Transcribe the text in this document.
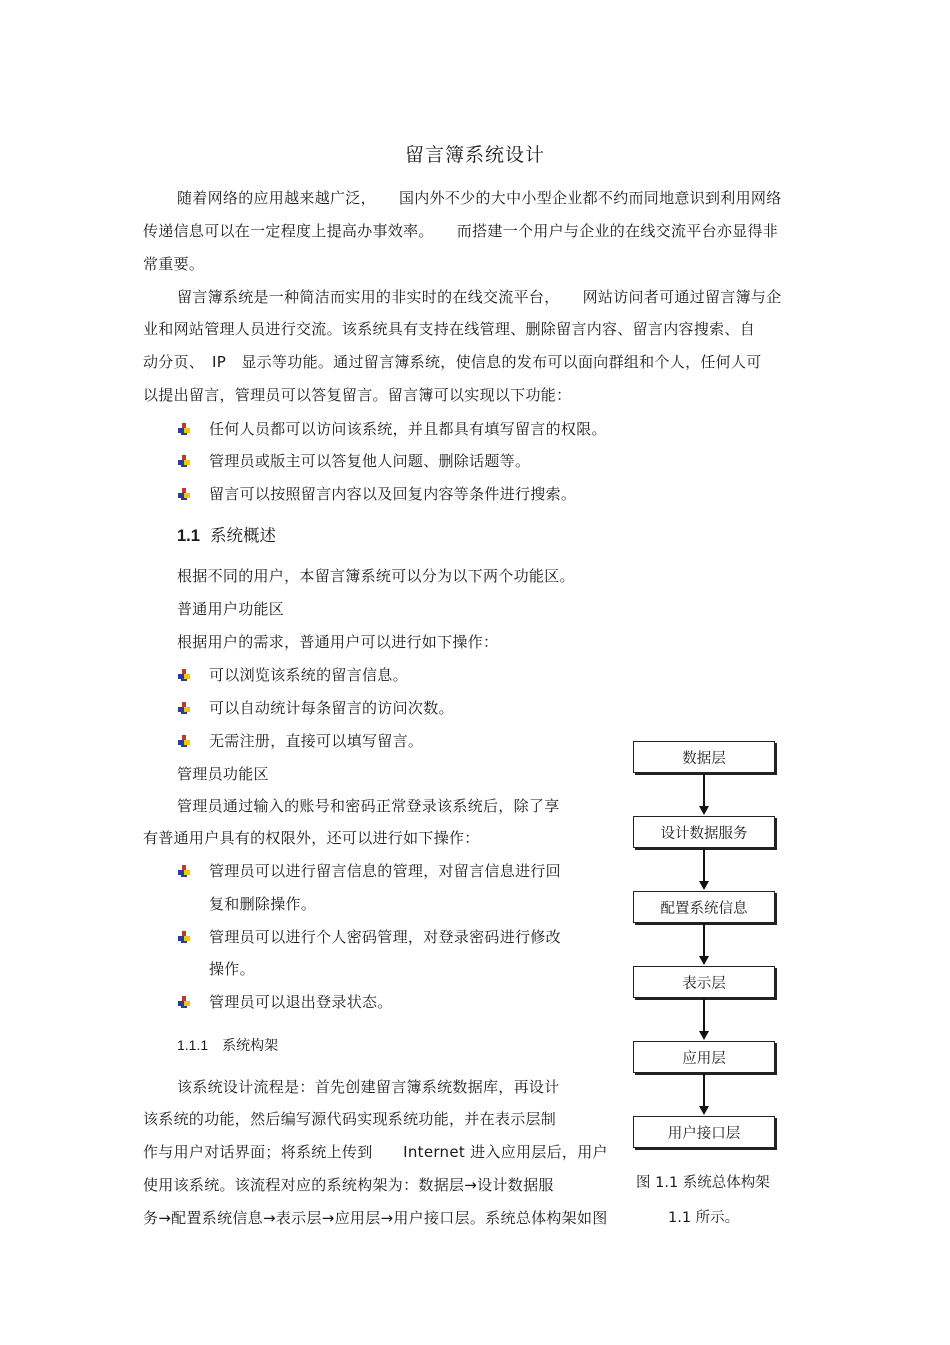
留言簿系统设计
随着网络的应用越来越广泛，　　国内外不少的大中小型企业都不约而同地意识到利用网络
传递信息可以在一定程度上提高办事效率。　　而搭建一个用户与企业的在线交流平台亦显得非
常重要。
留言簿系统是一种简洁而实用的非实时的在线交流平台，　　网站访问者可通过留言簿与企
业和网站管理人员进行交流。该系统具有支持在线管理、删除留言内容、留言内容搜索、自
动分页、　IP　显示等功能。通过留言簿系统，使信息的发布可以面向群组和个人，任何人可
以提出留言，管理员可以答复留言。留言簿可以实现以下功能：
任何人员都可以访问该系统，并且都具有填写留言的权限。
管理员或版主可以答复他人问题、删除话题等。
留言可以按照留言内容以及回复内容等条件进行搜索。
1.1 系统概述
根据不同的用户，本留言簿系统可以分为以下两个功能区。
普通用户功能区
根据用户的需求，普通用户可以进行如下操作：
可以浏览该系统的留言信息。
可以自动统计每条留言的访问次数。
无需注册，直接可以填写留言。
管理员功能区
管理员通过输入的账号和密码正常登录该系统后，除了享
有普通用户具有的权限外，还可以进行如下操作：
管理员可以进行留言信息的管理，对留言信息进行回
复和删除操作。
管理员可以进行个人密码管理，对登录密码进行修改
操作。
管理员可以退出登录状态。
1.1.1 系统构架
该系统设计流程是：首先创建留言簿系统数据库，再设计
该系统的功能，然后编写源代码实现系统功能，并在表示层制
作与用户对话界面；将系统上传到　　Internet 进入应用层后，用户
使用该系统。该流程对应的系统构架为：数据层→设计数据服
务→配置系统信息→表示层→应用层→用户接口层。系统总体构架如图
数据层
设计数据服务
配置系统信息
表示层
应用层
用户接口层
图 1.1 系统总体构架
1.1 所示。
